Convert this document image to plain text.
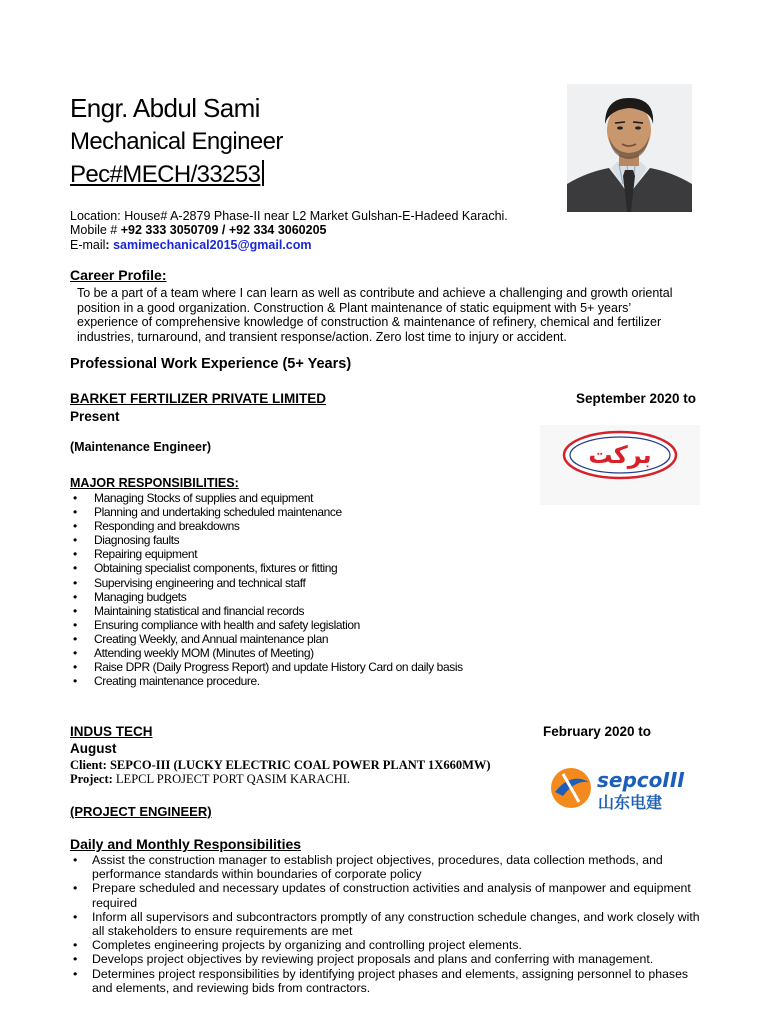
Engr. Abdul Sami
Mechanical Engineer
Pec#MECH/33253
Location: House# A-2879 Phase-II near L2 Market Gulshan-E-Hadeed Karachi.
Mobile # +92 333 3050709 / +92 334 3060205
E-mail: samimechanical2015@gmail.com
Career Profile:
To be a part of a team where I can learn as well as contribute and achieve a challenging and growth oriental position in a good organization. Construction & Plant maintenance of static equipment with 5+ years’ experience of comprehensive knowledge of construction & maintenance of refinery, chemical and fertilizer industries, turnaround, and transient response/action. Zero lost time to injury or accident.
Professional Work Experience (5+ Years)
BARKET FERTILIZER PRIVATE LIMITED	September 2020 to
Present
(Maintenance Engineer)	بركت
MAJOR RESPONSIBILITIES:
• Managing Stocks of supplies and equipment
• Planning and undertaking scheduled maintenance
• Responding and breakdowns
• Diagnosing faults
• Repairing equipment
• Obtaining specialist components, fixtures or fitting
• Supervising engineering and technical staff
• Managing budgets
• Maintaining statistical and financial records
• Ensuring compliance with health and safety legislation
• Creating Weekly, and Annual maintenance plan
• Attending weekly MOM (Minutes of Meeting)
• Raise DPR (Daily Progress Report) and update History Card on daily basis
• Creating maintenance procedure.
INDUS TECH	February 2020 to
August
Client: SEPCO-III (LUCKY ELECTRIC COAL POWER PLANT 1X660MW)
Project: LEPCL PROJECT PORT QASIM KARACHI.	sepcoIII
山东电建
(PROJECT ENGINEER)
Daily and Monthly Responsibilities
• Assist the construction manager to establish project objectives, procedures, data collection methods, and performance standards within boundaries of corporate policy
• Prepare scheduled and necessary updates of construction activities and analysis of manpower and equipment required
• Inform all supervisors and subcontractors promptly of any construction schedule changes, and work closely with all stakeholders to ensure requirements are met
• Completes engineering projects by organizing and controlling project elements.
• Develops project objectives by reviewing project proposals and plans and conferring with management.
• Determines project responsibilities by identifying project phases and elements, assigning personnel to phases and elements, and reviewing bids from contractors.
